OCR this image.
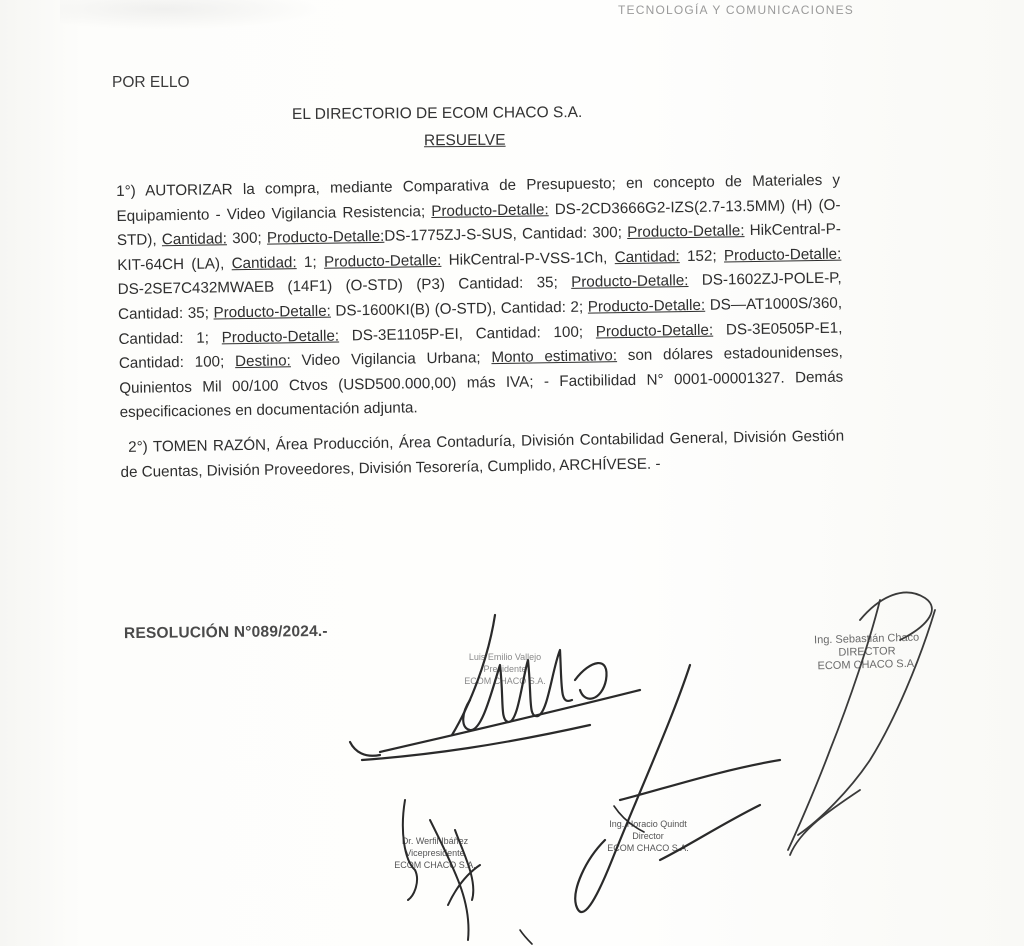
TECNOLOGÍA Y COMUNICACIONES
POR ELLO
EL DIRECTORIO DE ECOM CHACO S.A.
RESUELVE

1°) AUTORIZAR la compra, mediante Comparativa de Presupuesto; en concepto de Materiales y Equipamiento - Video Vigilancia Resistencia; Producto-Detalle: DS-2CD3666G2-IZS(2.7-13.5MM) (H) (O-STD), Cantidad: 300; Producto-Detalle:DS-1775ZJ-S-SUS, Cantidad: 300; Producto-Detalle: HikCentral-P-KIT-64CH (LA), Cantidad: 1; Producto-Detalle: HikCentral-P-VSS-1Ch, Cantidad: 152; Producto-Detalle: DS-2SE7C432MWAEB (14F1) (O-STD) (P3) Cantidad: 35; Producto-Detalle: DS-1602ZJ-POLE-P, Cantidad: 35; Producto-Detalle: DS-1600KI(B) (O-STD), Cantidad: 2; Producto-Detalle: DS—AT1000S/360, Cantidad: 1; Producto-Detalle: DS-3E1105P-EI, Cantidad: 100; Producto-Detalle: DS-3E0505P-E1, Cantidad: 100; Destino: Video Vigilancia Urbana; Monto estimativo: son dólares estadounidenses, Quinientos Mil 00/100 Ctvos (USD500.000,00) más IVA; - Factibilidad N° 0001-00001327. Demás especificaciones en documentación adjunta.

2°) TOMEN RAZÓN, Área Producción, Área Contaduría, División Contabilidad General, División Gestión de Cuentas, División Proveedores, División Tesorería, Cumplido, ARCHÍVESE. -

RESOLUCIÓN N°089/2024.-
Luis Emilio Vallejo
Presidente
ECOM CHACO S.A.
Ing. Sebastián Chaco
DIRECTOR
ECOM CHACO S.A.
Dr. Werfil Ibáñez
Vicepresidente
ECOM CHACO S.A.
Ing. Horacio Quindt
Director
ECOM CHACO S.A.
